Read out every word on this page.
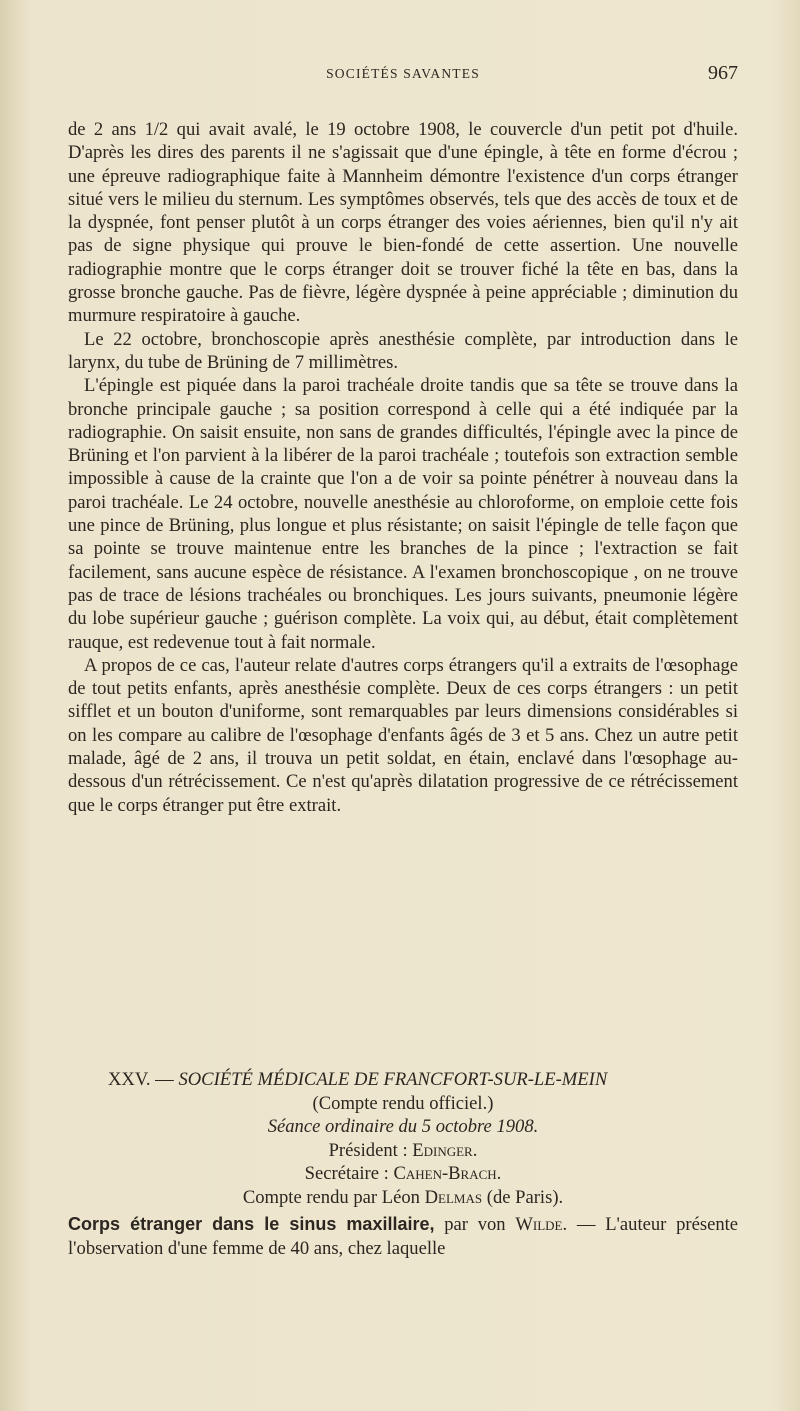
SOCIÉTÉS SAVANTES	967

de 2 ans 1/2 qui avait avalé, le 19 octobre 1908, le couvercle d'un petit pot d'huile. D'après les dires des parents il ne s'agissait que d'une épingle, à tête en forme d'écrou ; une épreuve radiographique faite à Mannheim démontre l'existence d'un corps étranger situé vers le milieu du sternum. Les symptômes observés, tels que des accès de toux et de la dyspnée, font penser plutôt à un corps étranger des voies aériennes, bien qu'il n'y ait pas de signe physique qui prouve le bien-fondé de cette assertion. Une nouvelle radiographie montre que le corps étranger doit se trouver fiché la tête en bas, dans la grosse bronche gauche. Pas de fièvre, légère dyspnée à peine appréciable ; diminution du murmure respiratoire à gauche.

Le 22 octobre, bronchoscopie après anesthésie complète, par introduction dans le larynx, du tube de Brüning de 7 millimètres.

L'épingle est piquée dans la paroi trachéale droite tandis que sa tête se trouve dans la bronche principale gauche ; sa position correspond à celle qui a été indiquée par la radiographie. On saisit ensuite, non sans de grandes difficultés, l'épingle avec la pince de Brüning et l'on parvient à la libérer de la paroi trachéale ; toutefois son extraction semble impossible à cause de la crainte que l'on a de voir sa pointe pénétrer à nouveau dans la paroi trachéale. Le 24 octobre, nouvelle anesthésie au chloroforme, on emploie cette fois une pince de Brüning, plus longue et plus résistante; on saisit l'épingle de telle façon que sa pointe se trouve maintenue entre les branches de la pince ; l'extraction se fait facilement, sans aucune espèce de résistance. A l'examen bronchoscopique , on ne trouve pas de trace de lésions trachéales ou bronchiques. Les jours suivants, pneumonie légère du lobe supérieur gauche ; guérison complète. La voix qui, au début, était complètement rauque, est redevenue tout à fait normale.

A propos de ce cas, l'auteur relate d'autres corps étrangers qu'il a extraits de l'œsophage de tout petits enfants, après anesthésie complète. Deux de ces corps étrangers : un petit sifflet et un bouton d'uniforme, sont remarquables par leurs dimensions considérables si on les compare au calibre de l'œsophage d'enfants âgés de 3 et 5 ans. Chez un autre petit malade, âgé de 2 ans, il trouva un petit soldat, en étain, enclavé dans l'œsophage au-dessous d'un rétrécissement. Ce n'est qu'après dilatation progressive de ce rétrécissement que le corps étranger put être extrait.

XXV. — SOCIÉTÉ MÉDICALE DE FRANCFORT-SUR-LE-MEIN
(Compte rendu officiel.)
Séance ordinaire du 5 octobre 1908.
Président : Edinger.
Secrétaire : Cahen-Brach.
Compte rendu par Léon Delmas (de Paris).
Corps étranger dans le sinus maxillaire, par von Wilde. — L'auteur présente l'observation d'une femme de 40 ans, chez laquelle
